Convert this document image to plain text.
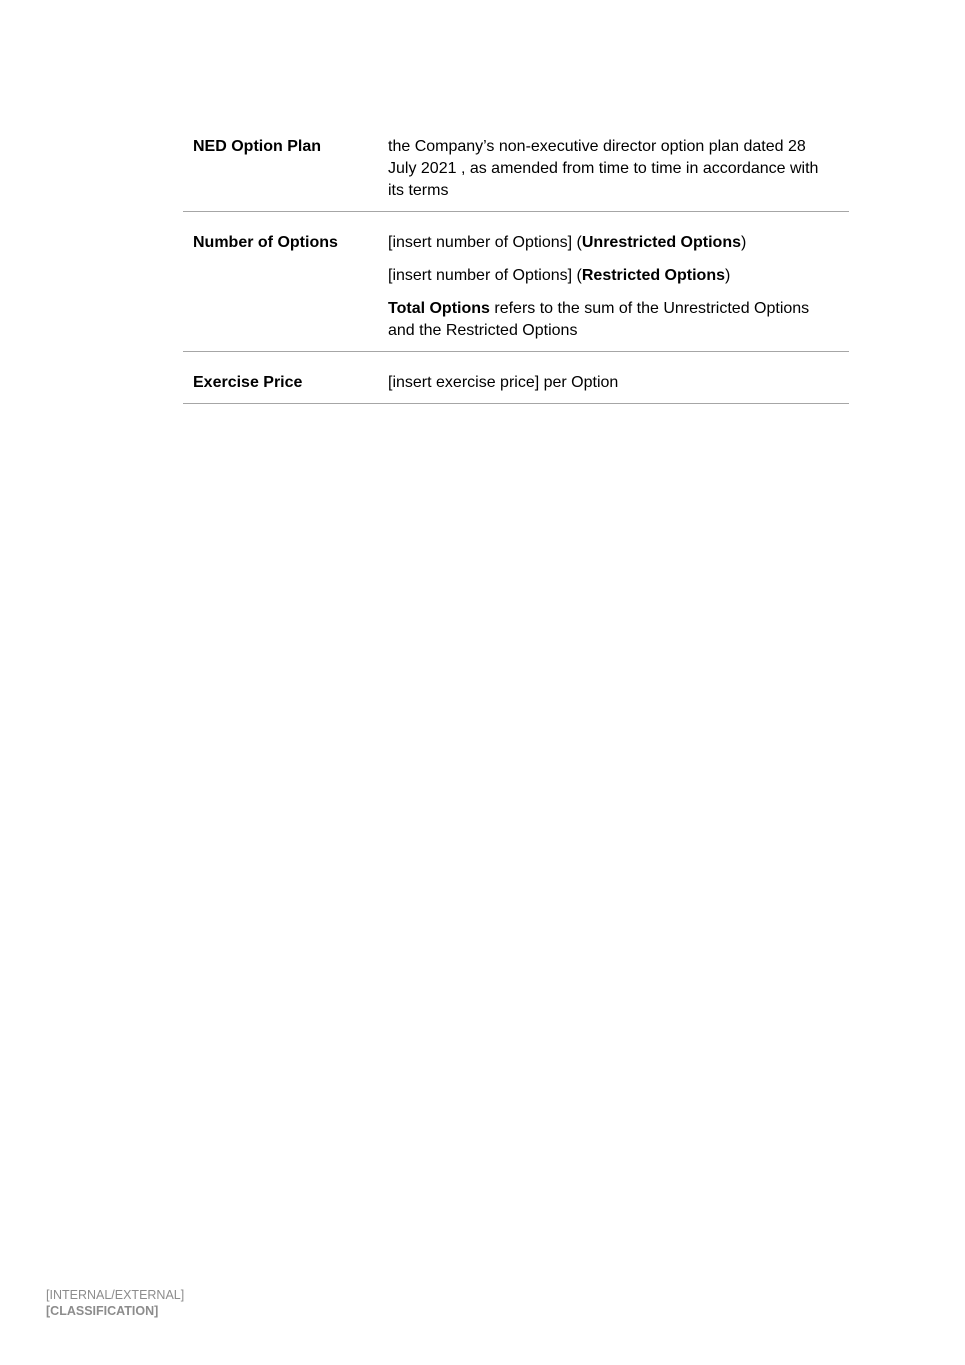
NED Option Plan	the Company’s non-executive director option plan dated 28 July 2021 , as amended from time to time in accordance with its terms

Number of Options	[insert number of Options] (Unrestricted Options)

[insert number of Options] (Restricted Options)

Total Options refers to the sum of the Unrestricted Options and the Restricted Options

Exercise Price	[insert exercise price] per Option

[INTERNAL/EXTERNAL]
[CLASSIFICATION]
